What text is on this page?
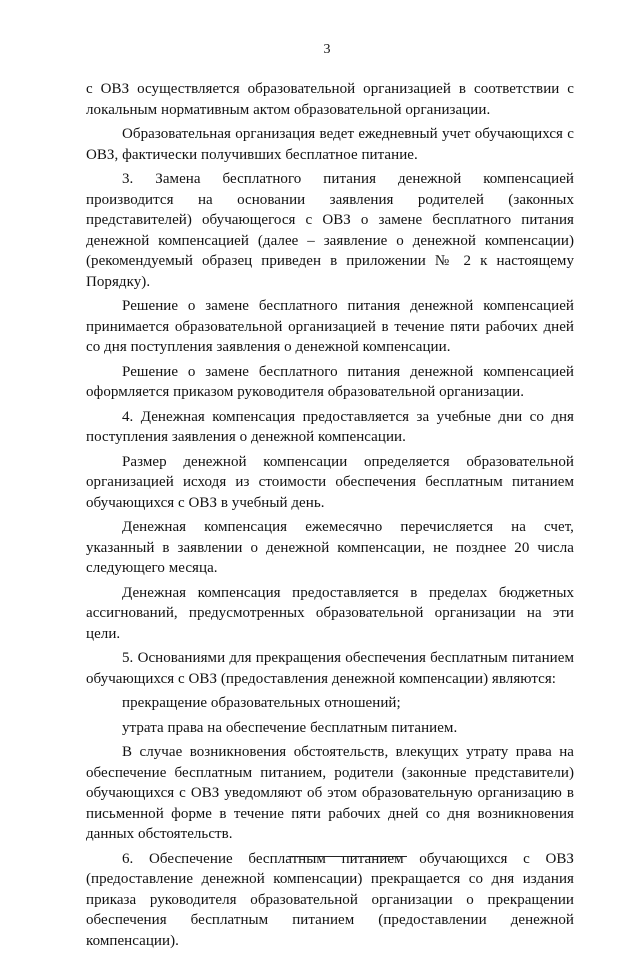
3

с ОВЗ осуществляется образовательной организацией в соответствии с локальным нормативным актом образовательной организации.

Образовательная организация ведет ежедневный учет обучающихся с ОВЗ, фактически получивших бесплатное питание.

3. Замена бесплатного питания денежной компенсацией производится на основании заявления родителей (законных представителей) обучающегося с ОВЗ о замене бесплатного питания денежной компенсацией (далее – заявление о денежной компенсации) (рекомендуемый образец приведен в приложении № 2 к настоящему Порядку).

Решение о замене бесплатного питания денежной компенсацией принимается образовательной организацией в течение пяти рабочих дней со дня поступления заявления о денежной компенсации.

Решение о замене бесплатного питания денежной компенсацией оформляется приказом руководителя образовательной организации.

4. Денежная компенсация предоставляется за учебные дни со дня поступления заявления о денежной компенсации.

Размер денежной компенсации определяется образовательной организацией исходя из стоимости обеспечения бесплатным питанием обучающихся с ОВЗ в учебный день.

Денежная компенсация ежемесячно перечисляется на счет, указанный в заявлении о денежной компенсации, не позднее 20 числа следующего месяца.

Денежная компенсация предоставляется в пределах бюджетных ассигнований, предусмотренных образовательной организации на эти цели.

5. Основаниями для прекращения обеспечения бесплатным питанием обучающихся с ОВЗ (предоставления денежной компенсации) являются:

прекращение образовательных отношений;

утрата права на обеспечение бесплатным питанием.

В случае возникновения обстоятельств, влекущих утрату права на обеспечение бесплатным питанием, родители (законные представители) обучающихся с ОВЗ уведомляют об этом образовательную организацию в письменной форме в течение пяти рабочих дней со дня возникновения данных обстоятельств.

6. Обеспечение бесплатным питанием обучающихся с ОВЗ (предоставление денежной компенсации) прекращается со дня издания приказа руководителя образовательной организации о прекращении обеспечения бесплатным питанием (предоставлении денежной компенсации).
